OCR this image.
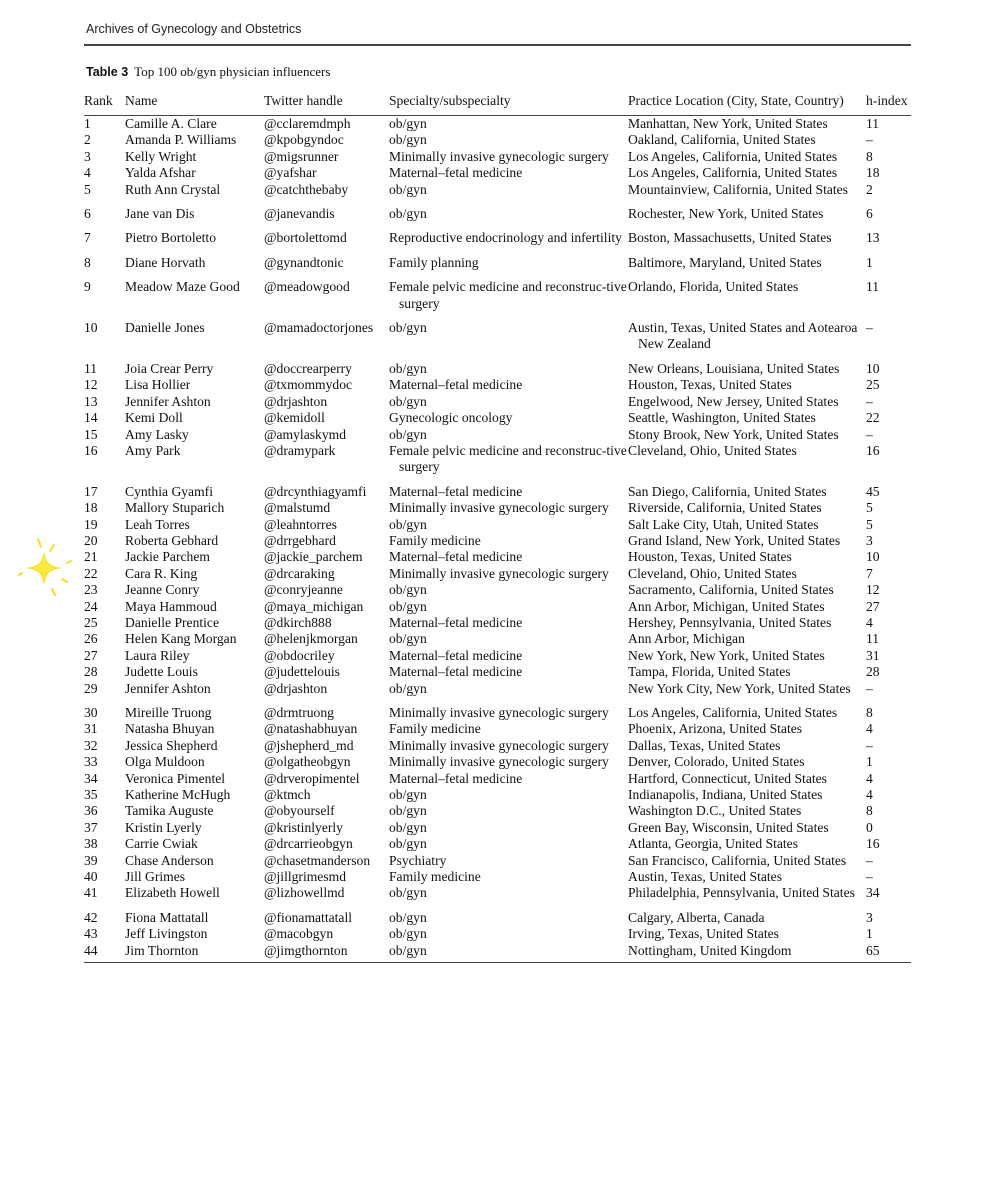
Archives of Gynecology and Obstetrics
Table 3 Top 100 ob/gyn physician influencers
Rank	Name	Twitter handle	Specialty/subspecialty	Practice Location (City, State, Country)	h-index
1	Camille A. Clare	@cclaremdmph	ob/gyn	Manhattan, New York, United States	11
2	Amanda P. Williams	@kpobgyndoc	ob/gyn	Oakland, California, United States	–
3	Kelly Wright	@migsrunner	Minimally invasive gynecologic surgery	Los Angeles, California, United States	8
4	Yalda Afshar	@yafshar	Maternal–fetal medicine	Los Angeles, California, United States	18
5	Ruth Ann Crystal	@catchthebaby	ob/gyn	Mountainview, California, United States	2

6	Jane van Dis	@janevandis	ob/gyn	Rochester, New York, United States	6

7	Pietro Bortoletto	@bortolettomd	Reproductive endocrinology and infertility	Boston, Massachusetts, United States	13

8	Diane Horvath	@gynandtonic	Family planning	Baltimore, Maryland, United States	1

9	Meadow Maze Good	@meadowgood	Female pelvic medicine and reconstruc-tive surgery	Orlando, Florida, United States	11

10	Danielle Jones	@mamadoctorjones	ob/gyn	Austin, Texas, United States and Aotearoa New Zealand	–

11	Joia Crear Perry	@doccrearperry	ob/gyn	New Orleans, Louisiana, United States	10
12	Lisa Hollier	@txmommydoc	Maternal–fetal medicine	Houston, Texas, United States	25
13	Jennifer Ashton	@drjashton	ob/gyn	Engelwood, New Jersey, United States	–
14	Kemi Doll	@kemidoll	Gynecologic oncology	Seattle, Washington, United States	22
15	Amy Lasky	@amylaskymd	ob/gyn	Stony Brook, New York, United States	–
16	Amy Park	@dramypark	Female pelvic medicine and reconstruc-tive surgery	Cleveland, Ohio, United States	16

17	Cynthia Gyamfi	@drcynthiagyamfi	Maternal–fetal medicine	San Diego, California, United States	45
18	Mallory Stuparich	@malstumd	Minimally invasive gynecologic surgery	Riverside, California, United States	5
19	Leah Torres	@leahntorres	ob/gyn	Salt Lake City, Utah, United States	5
20	Roberta Gebhard	@drrgebhard	Family medicine	Grand Island, New York, United States	3
21	Jackie Parchem	@jackie_parchem	Maternal–fetal medicine	Houston, Texas, United States	10
22	Cara R. King	@drcaraking	Minimally invasive gynecologic surgery	Cleveland, Ohio, United States	7
23	Jeanne Conry	@conryjeanne	ob/gyn	Sacramento, California, United States	12
24	Maya Hammoud	@maya_michigan	ob/gyn	Ann Arbor, Michigan, United States	27
25	Danielle Prentice	@dkirch888	Maternal–fetal medicine	Hershey, Pennsylvania, United States	4
26	Helen Kang Morgan	@helenjkmorgan	ob/gyn	Ann Arbor, Michigan	11
27	Laura Riley	@obdocriley	Maternal–fetal medicine	New York, New York, United States	31
28	Judette Louis	@judettelouis	Maternal–fetal medicine	Tampa, Florida, United States	28
29	Jennifer Ashton	@drjashton	ob/gyn	New York City, New York, United States	–

30	Mireille Truong	@drmtruong	Minimally invasive gynecologic surgery	Los Angeles, California, United States	8
31	Natasha Bhuyan	@natashabhuyan	Family medicine	Phoenix, Arizona, United States	4
32	Jessica Shepherd	@jshepherd_md	Minimally invasive gynecologic surgery	Dallas, Texas, United States	–
33	Olga Muldoon	@olgatheobgyn	Minimally invasive gynecologic surgery	Denver, Colorado, United States	1
34	Veronica Pimentel	@drveropimentel	Maternal–fetal medicine	Hartford, Connecticut, United States	4
35	Katherine McHugh	@ktmch	ob/gyn	Indianapolis, Indiana, United States	4
36	Tamika Auguste	@obyourself	ob/gyn	Washington D.C., United States	8
37	Kristin Lyerly	@kristinlyerly	ob/gyn	Green Bay, Wisconsin, United States	0
38	Carrie Cwiak	@drcarrieobgyn	ob/gyn	Atlanta, Georgia, United States	16
39	Chase Anderson	@chasetmanderson	Psychiatry	San Francisco, California, United States	–
40	Jill Grimes	@jillgrimesmd	Family medicine	Austin, Texas, United States	–
41	Elizabeth Howell	@lizhowellmd	ob/gyn	Philadelphia, Pennsylvania, United States	34

42	Fiona Mattatall	@fionamattatall	ob/gyn	Calgary, Alberta, Canada	3
43	Jeff Livingston	@macobgyn	ob/gyn	Irving, Texas, United States	1
44	Jim Thornton	@jimgthornton	ob/gyn	Nottingham, United Kingdom	65
